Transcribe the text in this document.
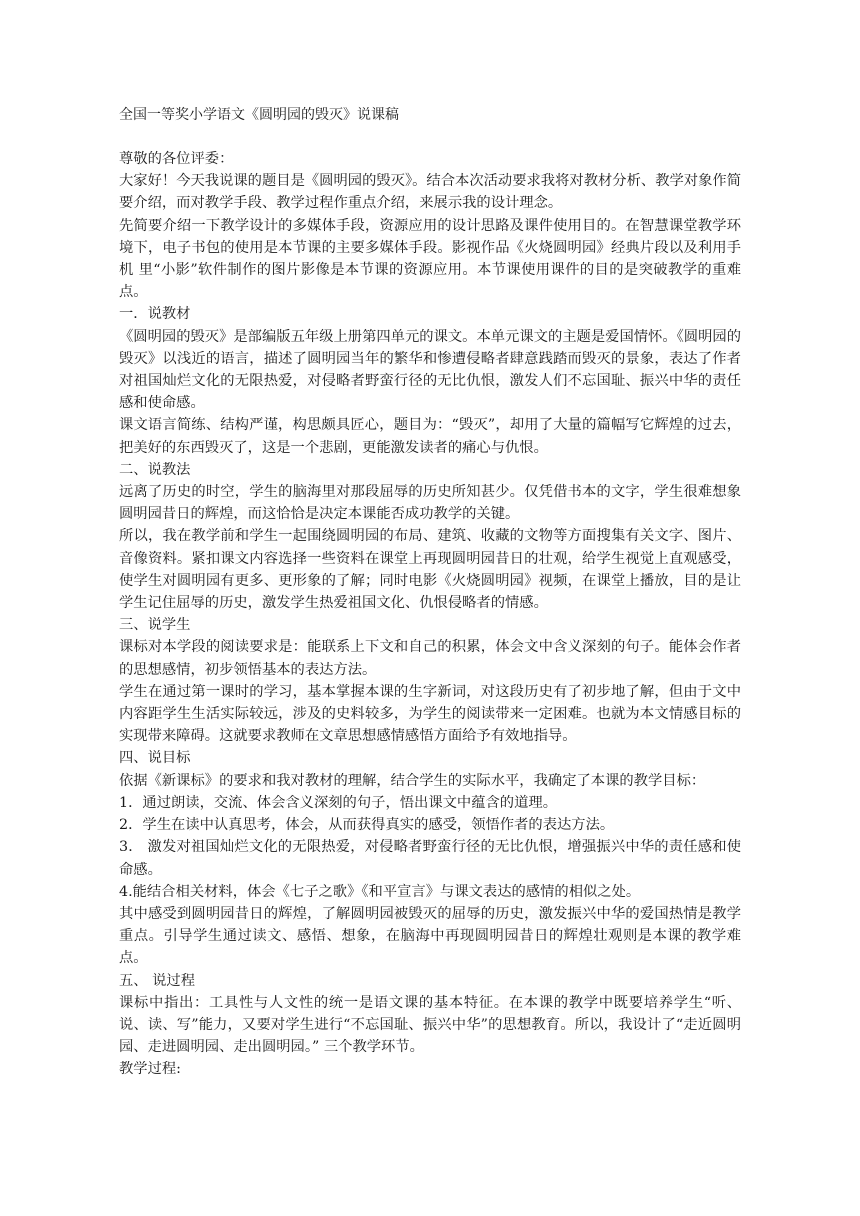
全国一等奖小学语文《圆明园的毁灭》说课稿

尊敬的各位评委：

大家好！今天我说课的题目是《圆明园的毁灭》。结合本次活动要求我将对教材分析、教学对象作简要介绍，而对教学手段、教学过程作重点介绍，来展示我的设计理念。

先简要介绍一下教学设计的多媒体手段，资源应用的设计思路及课件使用目的。在智慧课堂教学环境下，电子书包的使用是本节课的主要多媒体手段。影视作品《火烧圆明园》经典片段以及利用手机 里“小影”软件制作的图片影像是本节课的资源应用。本节课使用课件的目的是突破教学的重难点。

一．说教材

《圆明园的毁灭》是部编版五年级上册第四单元的课文。本单元课文的主题是爱国情怀。《圆明园的毁灭》以浅近的语言，描述了圆明园当年的繁华和惨遭侵略者肆意践踏而毁灭的景象，表达了作者对祖国灿烂文化的无限热爱，对侵略者野蛮行径的无比仇恨，激发人们不忘国耻、振兴中华的责任感和使命感。

课文语言简练、结构严谨，构思颇具匠心，题目为：“毁灭”，却用了大量的篇幅写它辉煌的过去，把美好的东西毁灭了，这是一个悲剧，更能激发读者的痛心与仇恨。

二、说教法

远离了历史的时空，学生的脑海里对那段屈辱的历史所知甚少。仅凭借书本的文字，学生很难想象圆明园昔日的辉煌，而这恰恰是决定本课能否成功教学的关键。

所以，我在教学前和学生一起围绕圆明园的布局、建筑、收藏的文物等方面搜集有关文字、图片、音像资料。紧扣课文内容选择一些资料在课堂上再现圆明园昔日的壮观，给学生视觉上直观感受，使学生对圆明园有更多、更形象的了解；同时电影《火烧圆明园》视频，在课堂上播放，目的是让学生记住屈辱的历史，激发学生热爱祖国文化、仇恨侵略者的情感。

三、说学生

课标对本学段的阅读要求是：能联系上下文和自己的积累，体会文中含义深刻的句子。能体会作者的思想感情，初步领悟基本的表达方法。

学生在通过第一课时的学习，基本掌握本课的生字新词，对这段历史有了初步地了解，但由于文中内容距学生生活实际较远，涉及的史料较多，为学生的阅读带来一定困难。也就为本文情感目标的实现带来障碍。这就要求教师在文章思想感情感悟方面给予有效地指导。

四、说目标

依据《新课标》的要求和我对教材的理解，结合学生的实际水平，我确定了本课的教学目标：

1．通过朗读，交流、体会含义深刻的句子，悟出课文中蕴含的道理。

2．学生在读中认真思考，体会，从而获得真实的感受，领悟作者的表达方法。

3． 激发对祖国灿烂文化的无限热爱，对侵略者野蛮行径的无比仇恨，增强振兴中华的责任感和使命感。

4.能结合相关材料，体会《七子之歌》《和平宣言》与课文表达的感情的相似之处。

其中感受到圆明园昔日的辉煌，了解圆明园被毁灭的屈辱的历史，激发振兴中华的爱国热情是教学重点。引导学生通过读文、感悟、想象，在脑海中再现圆明园昔日的辉煌壮观则是本课的教学难点。

五、 说过程

课标中指出：工具性与人文性的统一是语文课的基本特征。在本课的教学中既要培养学生“听、说、读、写”能力，又要对学生进行“不忘国耻、振兴中华”的思想教育。所以，我设计了“走近圆明园、走进圆明园、走出圆明园。” 三个教学环节。

教学过程:
